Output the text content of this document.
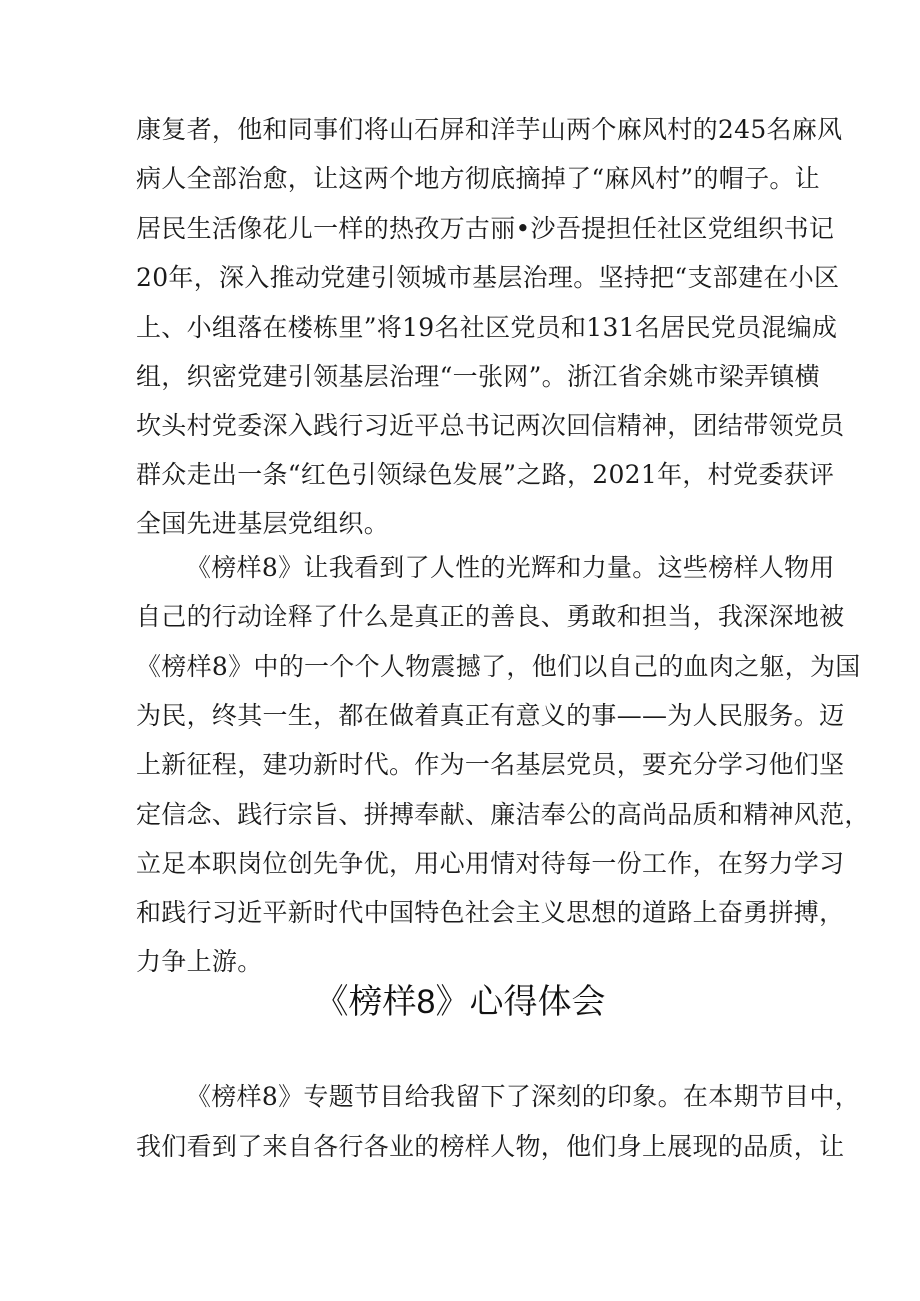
康复者，他和同事们将山石屏和洋芋山两个麻风村的245名麻风
病人全部治愈，让这两个地方彻底摘掉了“麻风村”的帽子。让
居民生活像花儿一样的热孜万古丽•沙吾提担任社区党组织书记
20年，深入推动党建引领城市基层治理。坚持把“支部建在小区
上、小组落在楼栋里”将19名社区党员和131名居民党员混编成
组，织密党建引领基层治理“一张网”。浙江省余姚市梁弄镇横
坎头村党委深入践行习近平总书记两次回信精神，团结带领党员
群众走出一条“红色引领绿色发展”之路，2021年，村党委获评
全国先进基层党组织。
《榜样8》让我看到了人性的光辉和力量。这些榜样人物用
自己的行动诠释了什么是真正的善良、勇敢和担当，我深深地被
《榜样8》中的一个个人物震撼了，他们以自己的血肉之躯，为国
为民，终其一生，都在做着真正有意义的事——为人民服务。迈
上新征程，建功新时代。作为一名基层党员，要充分学习他们坚
定信念、践行宗旨、拼搏奉献、廉洁奉公的高尚品质和精神风范，
立足本职岗位创先争优，用心用情对待每一份工作，在努力学习
和践行习近平新时代中国特色社会主义思想的道路上奋勇拼搏，
力争上游。
《榜样8》心得体会
《榜样8》专题节目给我留下了深刻的印象。在本期节目中，
我们看到了来自各行各业的榜样人物，他们身上展现的品质，让
